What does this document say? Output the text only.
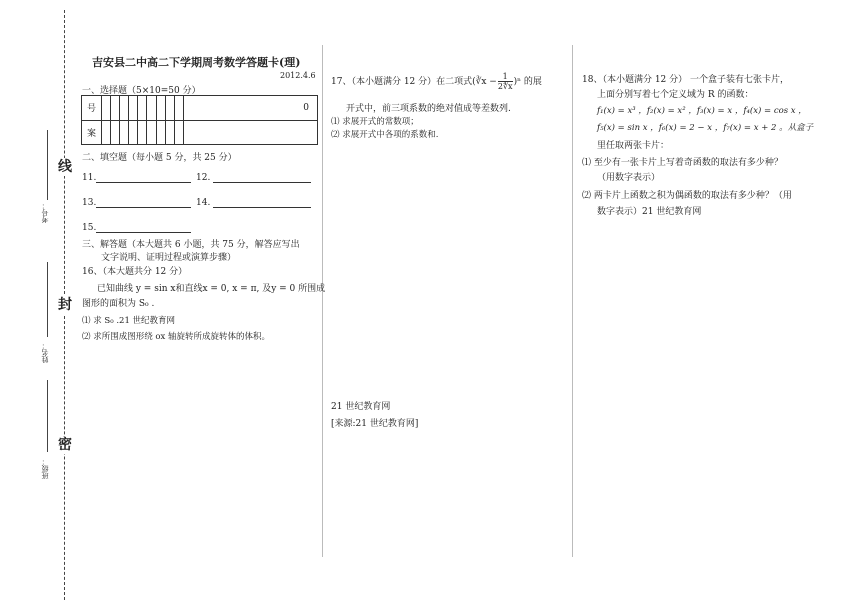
线
封
密
考号：
姓名：
班级：
吉安县二中高二下学期周考数学答题卡(理)
2012.4.6
一、选择题（5×10=50 分）
号										0
案										
二、填空题（每小题 5 分，共 25 分）
11.	12.
13.	14.
15.
三、解答题（本大题共 6 小题，共 75 分，解答应写出
文字说明、证明过程或演算步骤）
16、（本大题共分 12 分）
已知曲线 y = sin x和直线x = 0, x = π, 及y = 0 所围成
图形的面积为 S₀ .
⑴ 求 S₀ .21 世纪教育网
⑵ 求所围成图形绕 ox 轴旋转所成旋转体的体积。
17、（本小题满分 12 分）在二项式(∛x − $\frac{1}{2∜x} )^n$ 的展
开式中，前三项系数的绝对值成等差数列.
⑴ 求展开式的常数项；
⑵ 求展开式中各项的系数和.
21 世纪教育网
[来源:21 世纪教育网]
18、（本小题满分 12 分） 一个盒子装有七张卡片，
上面分别写着七个定义域为 R 的函数：
f₁(x) = x³ ，f₂(x) = x² ，f₃(x) = x ，f₄(x) = cos x ，
f₅(x) = sin x ，f₆(x) = 2 − x ，f₇(x) = x + 2 。从盒子
里任取两张卡片：
⑴ 至少有一张卡片上写着奇函数的取法有多少种？
（用数字表示）
⑵ 两卡片上函数之积为偶函数的取法有多少种？（用
数字表示）21 世纪教育网
